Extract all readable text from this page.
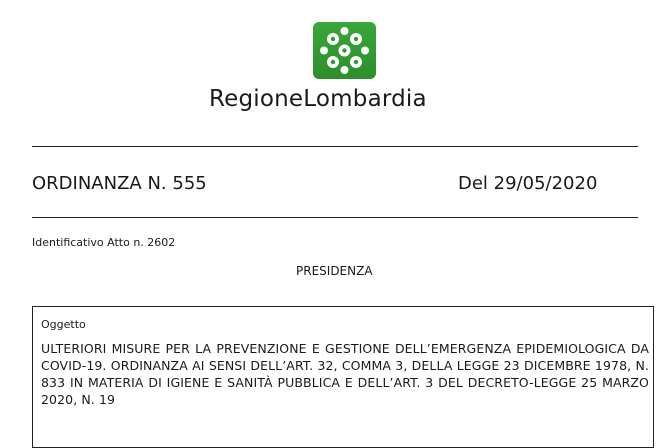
RegioneLombardia
ORDINANZA N. 555	Del 29/05/2020
Identificativo Atto n. 2602
PRESIDENZA
Oggetto
ULTERIORI MISURE PER LA PREVENZIONE E GESTIONE DELL’EMERGENZA EPIDEMIOLOGICA DA COVID-19. ORDINANZA AI SENSI DELL’ART. 32, COMMA 3, DELLA LEGGE 23 DICEMBRE 1978, N. 833 IN MATERIA DI IGIENE E SANITÀ PUBBLICA E DELL’ART. 3 DEL DECRETO-LEGGE 25 MARZO 2020, N. 19
